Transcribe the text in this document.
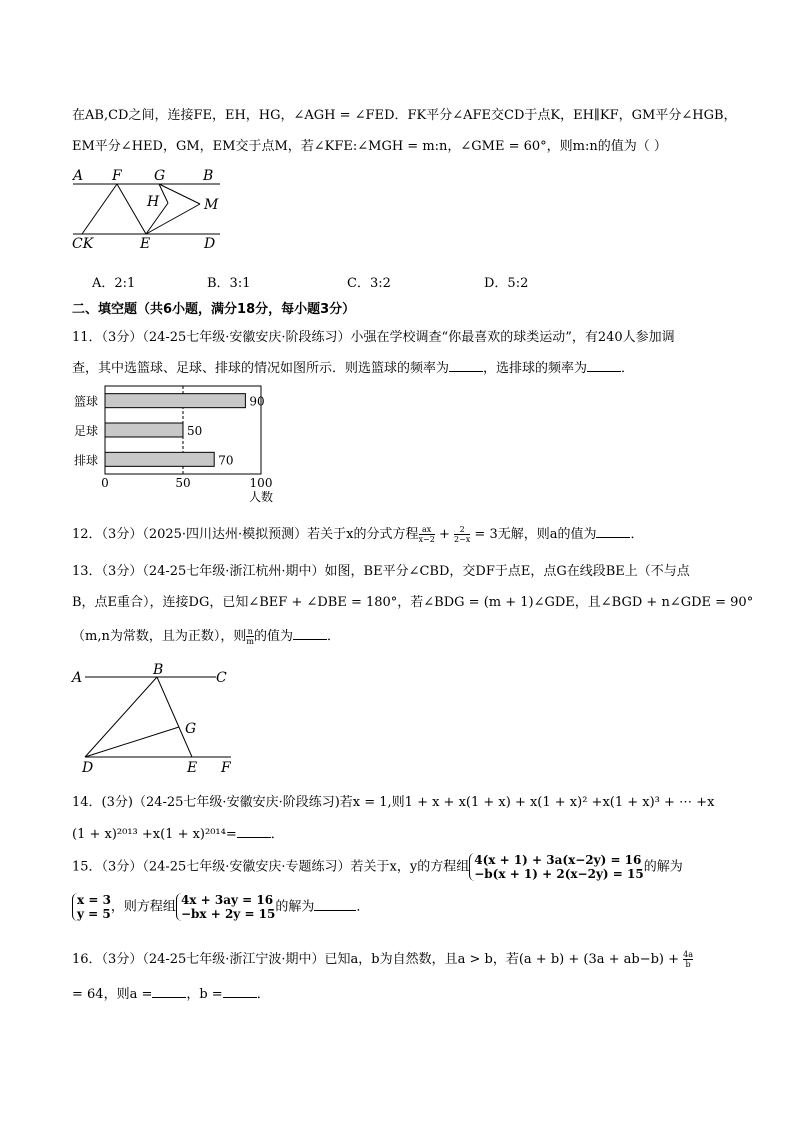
在AB,CD之间，连接FE，EH，HG，∠AGH = ∠FED．FK平分∠AFE交CD于点K，EH∥KF，GM平分∠HGB，
EM平分∠HED，GM，EM交于点M，若∠KFE:∠MGH = m:n，∠GME = 60°，则m:n的值为（ ）
A F G	B
H	M
CK	E	D
A．2:1	B．3:1	C．3:2	D．5:2
二、填空题（共6小题，满分18分，每小题3分）
11．（3分）（24-25七年级·安徽安庆·阶段练习）小强在学校调查“你最喜欢的球类运动”，有240人参加调
查，其中选篮球、足球、排球的情况如图所示．则选篮球的频率为	，选排球的频率为	．
篮球	90
足球	50
排球	70
0	50	100
人数
12．（3分）（2025·四川达州·模拟预测）若关于x的分式方程 $\frac{ax}{x-2} + \frac{2}{2-x} = 3$无解，则a的值为	．
13．（3分）（24-25七年级·浙江杭州·期中）如图，BE平分∠CBD，交DF于点E，点G在线段BE上（不与点
B，点E重合），连接DG，已知∠BEF + ∠DBE = 180°，若∠BDG = (m + 1)∠GDE，且∠BGD + n∠GDE = 90°
（m,n为常数，且为正数），则 $\frac{n}{m}$ 的值为	．
A	B	C
G
D	E F
14．(3分)（24-25七年级·安徽安庆·阶段练习)若x = 1,则1 + x + x(1 + x) + x(1 + x)² +x(1 + x)³ + ⋯ +x
(1 + x)²⁰¹³ +x(1 + x)²⁰¹⁴=	．
15．（3分）（24-25七年级·安徽安庆·专题练习）若关于x，y的方程组 4(x + 1) + 3a(x−2y) = 16
−b(x + 1) + 2(x−2y) = 15 的解为
x = 3
y = 5 ，则方程组 4x + 3ay = 16
−bx + 2y = 15 的解为	．
16．（3分）（24-25七年级·浙江宁波·期中）已知a，b为自然数，且a > b，若$(a + b) + (3a + ab-b) + \frac{4a}{b}$
= 64，则a =	，b =	．
